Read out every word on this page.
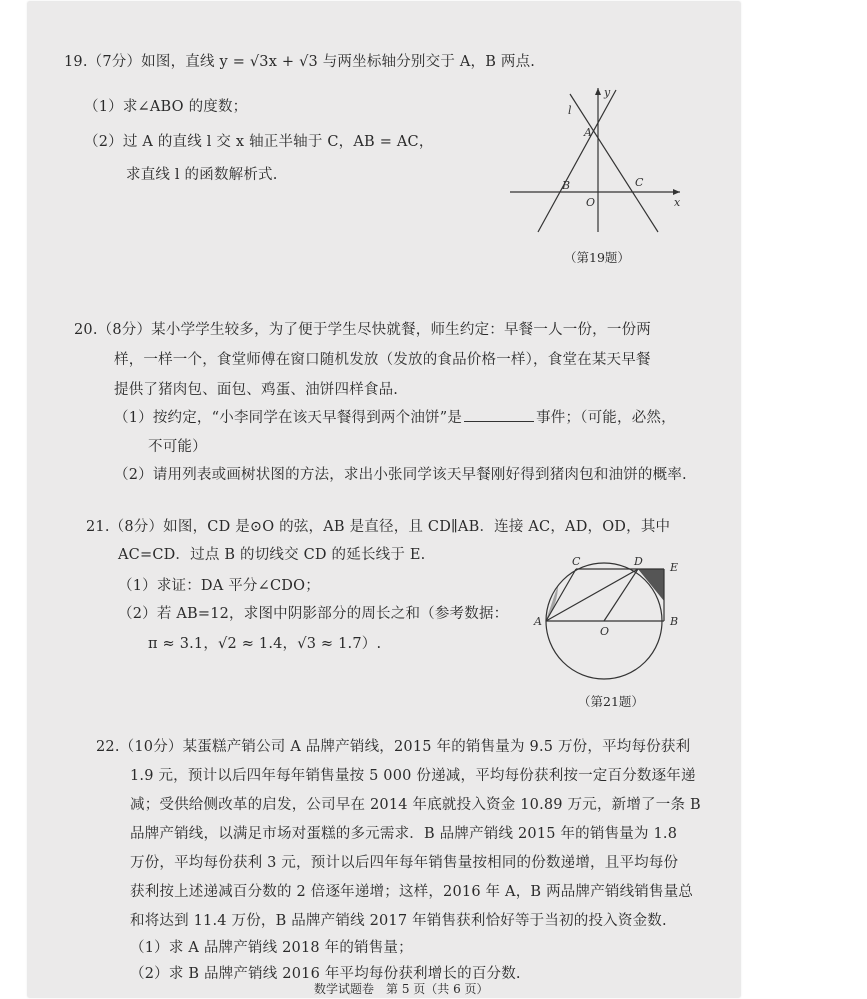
19.（7分）如图，直线 y = √3x + √3 与两坐标轴分别交于 A，B 两点.
（1）求∠ABO 的度数；
（2）过 A 的直线 l 交 x 轴正半轴于 C，AB = AC，
求直线 l 的函数解析式.
l
y
A
B
O
C
x
（第19题）
20.（8分）某小学学生较多，为了便于学生尽快就餐，师生约定：早餐一人一份，一份两
样，一样一个，食堂师傅在窗口随机发放（发放的食品价格一样），食堂在某天早餐
提供了猪肉包、面包、鸡蛋、油饼四样食品.
（1）按约定，“小李同学在该天早餐得到两个油饼”是	事件；（可能，必然，
不可能）
（2）请用列表或画树状图的方法，求出小张同学该天早餐刚好得到猪肉包和油饼的概率.
21.（8分）如图，CD 是⊙O 的弦，AB 是直径，且 CD∥AB．连接 AC，AD，OD，其中
AC=CD．过点 B 的切线交 CD 的延长线于 E.
（1）求证：DA 平分∠CDO；
（2）若 AB=12，求图中阴影部分的周长之和（参考数据：
π ≈ 3.1，√2 ≈ 1.4，√3 ≈ 1.7）.
C	D E
A
O
B
（第21题）
22.（10分）某蛋糕产销公司 A 品牌产销线，2015 年的销售量为 9.5 万份，平均每份获利
1.9 元，预计以后四年每年销售量按 5 000 份递减，平均每份获利按一定百分数逐年递
减；受供给侧改革的启发，公司早在 2014 年底就投入资金 10.89 万元，新增了一条 B
品牌产销线，以满足市场对蛋糕的多元需求．B 品牌产销线 2015 年的销售量为 1.8
万份，平均每份获利 3 元，预计以后四年每年销售量按相同的份数递增，且平均每份
获利按上述递减百分数的 2 倍逐年递增；这样，2016 年 A，B 两品牌产销线销售量总
和将达到 11.4 万份，B 品牌产销线 2017 年销售获利恰好等于当初的投入资金数.
（1）求 A 品牌产销线 2018 年的销售量；
（2）求 B 品牌产销线 2016 年平均每份获利增长的百分数.
数学试题卷　第 5 页（共 6 页）
